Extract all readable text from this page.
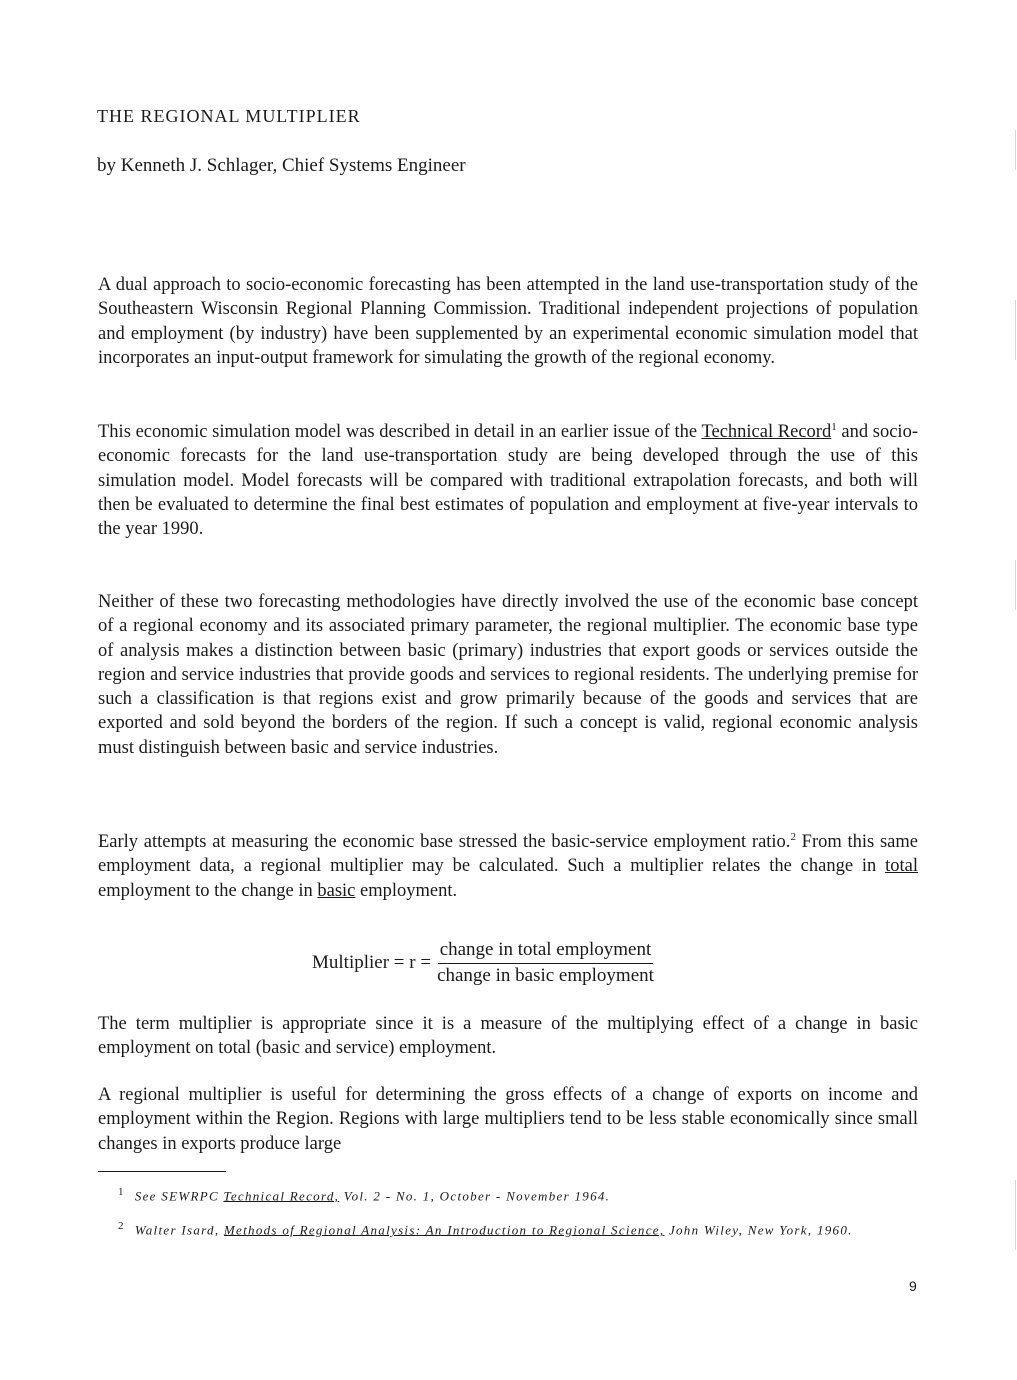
THE REGIONAL MULTIPLIER
by Kenneth J. Schlager, Chief Systems Engineer

A dual approach to socio-economic forecasting has been attempted in the land use-transportation study of the Southeastern Wisconsin Regional Planning Commission. Traditional independent projections of population and employment (by industry) have been supplemented by an experimental economic simulation model that incorporates an input-output framework for simulating the growth of the regional economy.

This economic simulation model was described in detail in an earlier issue of the Technical Record$^1$ and socio-economic forecasts for the land use-transportation study are being developed through the use of this simulation model. Model forecasts will be compared with traditional extrapolation forecasts, and both will then be evaluated to determine the final best estimates of population and employment at five-year intervals to the year 1990.

Neither of these two forecasting methodologies have directly involved the use of the economic base concept of a regional economy and its associated primary parameter, the regional multiplier. The economic base type of analysis makes a distinction between basic (primary) industries that export goods or services outside the region and service industries that provide goods and services to regional residents. The underlying premise for such a classification is that regions exist and grow primarily because of the goods and services that are exported and sold beyond the borders of the region. If such a concept is valid, regional economic analysis must distinguish between basic and service industries.

Early attempts at measuring the economic base stressed the basic-service employment ratio.$^2$ From this same employment data, a regional multiplier may be calculated. Such a multiplier relates the change in total employment to the change in basic employment.

Multiplier = $r = \frac{\text{change in total employment}}{\text{change in basic employment}}$

The term multiplier is appropriate since it is a measure of the multiplying effect of a change in basic employment on total (basic and service) employment.

A regional multiplier is useful for determining the gross effects of a change of exports on income and employment within the Region. Regions with large multipliers tend to be less stable economically since small changes in exports produce large

$^1$ See SEWRPC Technical Record, Vol. 2 - No. 1, October - November 1964.

$^2$ Walter Isard, Methods of Regional Analysis: An Introduction to Regional Science, John Wiley, New York, 1960.

9
